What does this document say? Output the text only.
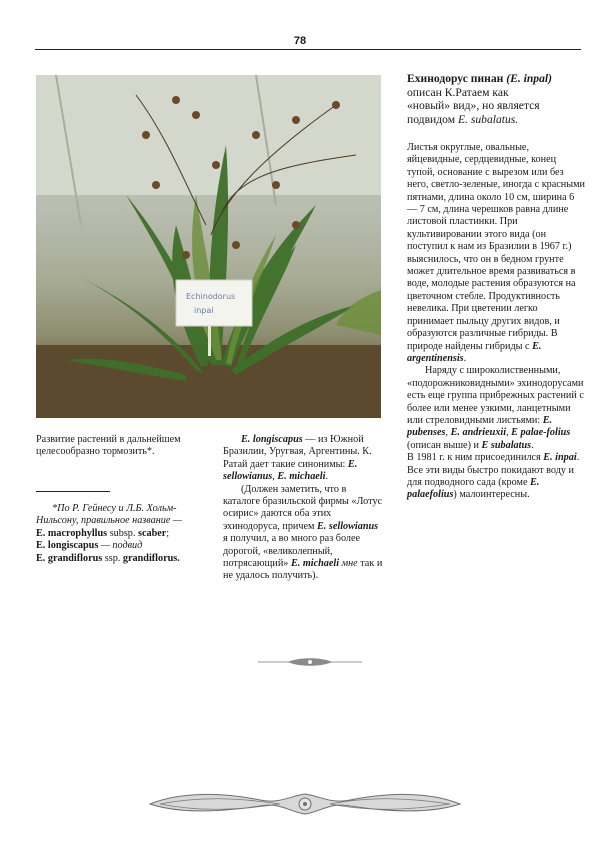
78
Echinodorus
inpai

Ехинодорус пинан (E. inpal)

описан К.Ратаем как

«новый» вид», но является

подвидом E. subalatus.

Листья округлые, овальные, яйцевидные, сердцевидные, конец тупой, основание с вырезом или без него, светло-зеленые, иногда с красными пятнами, длина около 10 см, ширина 6 — 7 см, длина черешков равна длине листовой пластинки. При культивировании этого вида (он поступил к нам из Бразилии в 1967 г.) выяснилось, что он в бедном грунте может длительное время развиваться в воде, молодые растения образуются на цветочном стебле. Продуктивность невелика. При цветении легко принимает пыльцу других видов, и образуются различные гибриды. В природе найдены гибриды с E. argentinensis.

Наряду с широколиственными, «подорожниковидными» эхинодорусами есть еще группа прибрежных растений с более или менее узкими, ланцетными или стреловидными листьями: E. pubenses, E. andrieuxii, E palae-folius (описан выше) и E subalatus.

В 1981 г. к ним присоединился E. inpai. Все эти виды быстро покидают воду и для подводного сада (кроме E. palaefolius) малоинтересны.

Развитие растений в дальнейшем целесообразно тормозить*.

*По Р. Гейнесу и Л.Б. Хольм-Нильсону, правильное название —

E. macrophyllus subsp. scaber;

E. longiscapus — подвид

E. grandiflorus ssp. grandiflorus.

E. longiscapus — из Южной Бразилии, Уругвая, Аргентины. К. Ратай дает такие синонимы: E. sellowianus, E. michaeli.

(Должен заметить, что в каталоге бразильской фирмы «Лотус осирис» даются оба этих эхинодоруса, причем E. sellowianus я получил, а во много раз более дорогой, «великолепный, потрясающий» E. michaeli мне так и не удалось получить).
